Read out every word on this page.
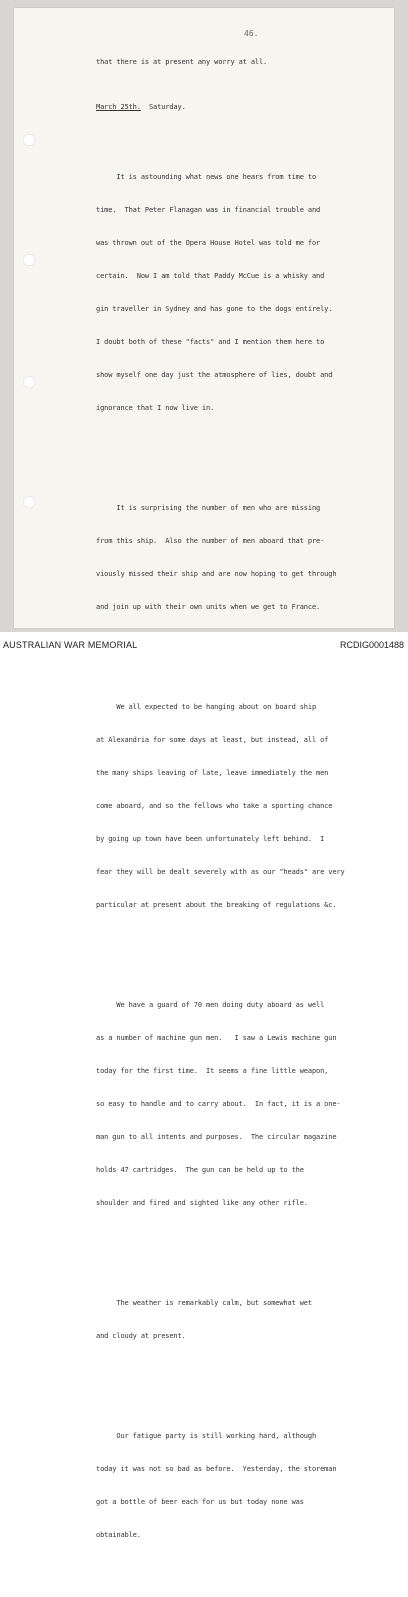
46.

that there is at present any worry at all.

March 25th. Saturday.

It is astounding what news one hears from time to

time.  That Peter Flanagan was in financial trouble and

was thrown out of the Opera House Hotel was told me for

certain.  Now I am told that Paddy McCue is a whisky and

gin traveller in Sydney and has gone to the dogs entirely.

I doubt both of these "facts" and I mention them here to

show myself one day just the atmosphere of lies, doubt and

ignorance that I now live in.

It is surprising the number of men who are missing

from this ship.  Also the number of men aboard that pre-

viously missed their ship and are now hoping to get through

and join up with their own units when we get to France.

We all expected to be hanging about on board ship

at Alexandria for some days at least, but instead, all of

the many ships leaving of late, leave immediately the men

come aboard, and so the fellows who take a sporting chance

by going up town have been unfortunately left behind.  I

fear they will be dealt severely with as our "heads" are very

particular at present about the breaking of regulations &c.

We have a guard of 70 men doing duty aboard as well

as a number of machine gun men.   I saw a Lewis machine gun

today for the first time.  It seems a fine little weapon,

so easy to handle and to carry about.  In fact, it is a one-

man gun to all intents and purposes.  The circular magazine

holds 47 cartridges.  The gun can be held up to the

shoulder and fired and sighted like any other rifle.

The weather is remarkably calm, but somewhat wet

and cloudy at present.

Our fatigue party is still working hard, although

today it was not so bad as before.  Yesterday, the storeman

got a bottle of beer each for us but today none was

obtainable.

AUSTRALIAN WAR MEMORIAL	RCDIG0001488
